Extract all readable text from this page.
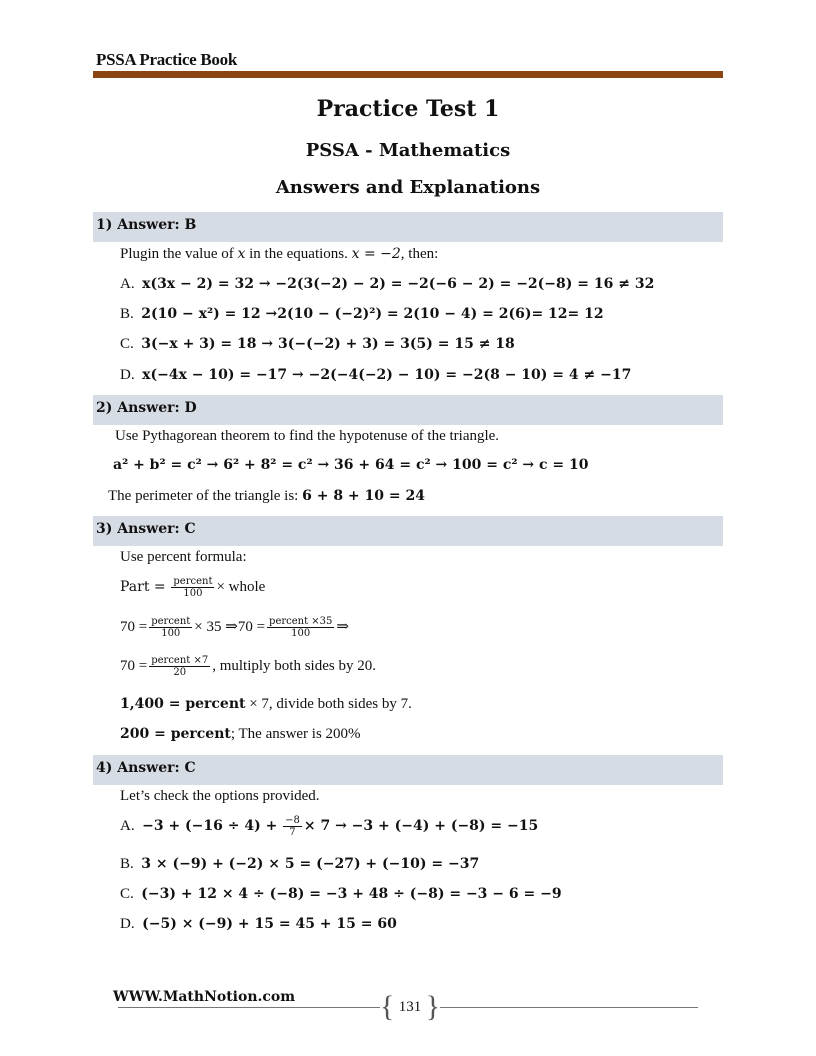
PSSA Practice Book
Practice Test 1
PSSA - Mathematics
Answers and Explanations
1) Answer: B
Plugin the value of x in the equations. x = −2, then:
A. x(3x − 2) = 32 → −2(3(−2) − 2) = −2(−6 − 2) = −2(−8) = 16 ≠ 32
B. 2(10 − x²) = 12 →2(10 − (−2)²) = 2(10 − 4) = 2(6)= 12= 12
C. 3(−x + 3) = 18 → 3(−(−2) + 3) = 3(5) = 15 ≠ 18
D. x(−4x − 10) = −17 → −2(−4(−2) − 10) = −2(8 − 10) = 4 ≠ −17
2) Answer: D
Use Pythagorean theorem to find the hypotenuse of the triangle.
a² + b² = c² → 6² + 8² = c² → 36 + 64 = c² → 100 = c² → c = 10
The perimeter of the triangle is: 6 + 8 + 10 = 24
3) Answer: C
Use percent formula:
Part = $\frac{\text{percent}}{100}$ × whole
$70 = \frac{\text{percent}}{100} \times 35$ ⇒70 = $\frac{\text{percent ×35}}{100}$ ⇒
$70 = \frac{\text{percent ×7}}{20}$ , multiply both sides by 20.
1,400 = percent × 7, divide both sides by 7.
200 = percent; The answer is 200%
4) Answer: C
Let’s check the options provided.
A. $-3 + (-16 \div 4) + \frac{-8}{7} \times 7 \to -3 + (-4) + (-8) = -15$
B. 3 × (−9) + (−2) × 5 = (−27) + (−10) = −37
C. (−3) + 12 × 4 ÷ (−8) = −3 + 48 ÷ (−8) = −3 − 6 = −9
D. (−5) × (−9) + 15 = 45 + 15 = 60
WWW.MathNotion.com	{ 131 }
